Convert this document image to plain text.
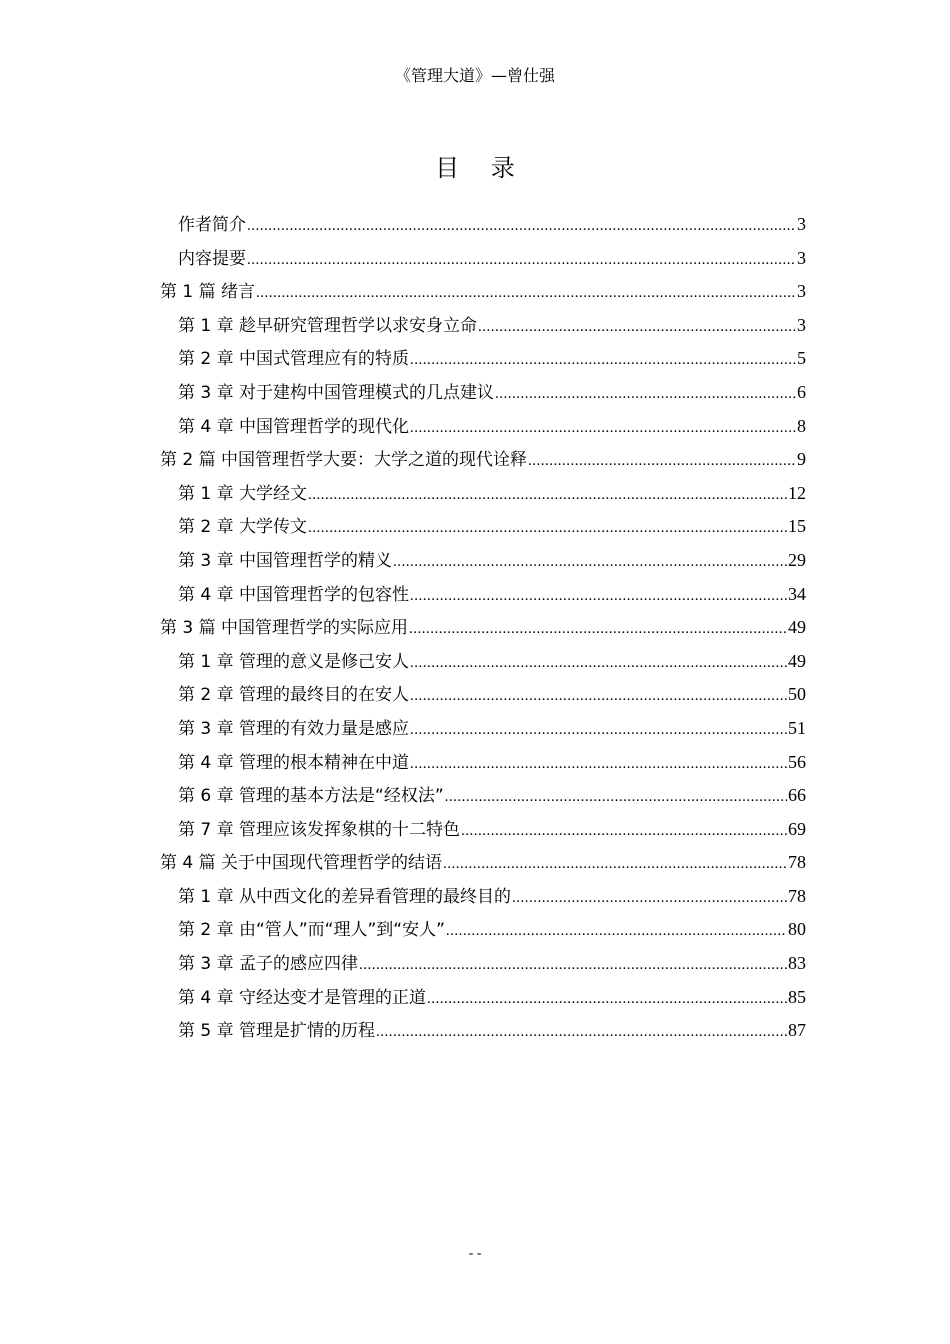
《管理大道》—曾仕强
目 录
作者简介 .....	3
内容提要 .....	3
第 1 篇 绪言 .....	3
第 1 章 趁早研究管理哲学以求安身立命 .....	3
第 2 章 中国式管理应有的特质 .....	5
第 3 章 对于建构中国管理模式的几点建议 .....	6
第 4 章 中国管理哲学的现代化 .....	8
第 2 篇 中国管理哲学大要：大学之道的现代诠释 .....	9
第 1 章 大学经文 .....	12
第 2 章 大学传文 .....	15
第 3 章 中国管理哲学的精义 .....	29
第 4 章 中国管理哲学的包容性 .....	34
第 3 篇 中国管理哲学的实际应用 .....	49
第 1 章 管理的意义是修己安人 .....	49
第 2 章 管理的最终目的在安人 .....	50
第 3 章 管理的有效力量是感应 .....	51
第 4 章 管理的根本精神在中道 .....	56
第 6 章 管理的基本方法是“经权法” .....	66
第 7 章 管理应该发挥象棋的十二特色 .....	69
第 4 篇 关于中国现代管理哲学的结语 .....	78
第 1 章 从中西文化的差异看管理的最终目的 .....	78
第 2 章 由“管人”而“理人”到“安人” .....	80
第 3 章 孟子的感应四律 .....	83
第 4 章 守经达变才是管理的正道 .....	85
第 5 章 管理是扩情的历程 .....	87
- -
